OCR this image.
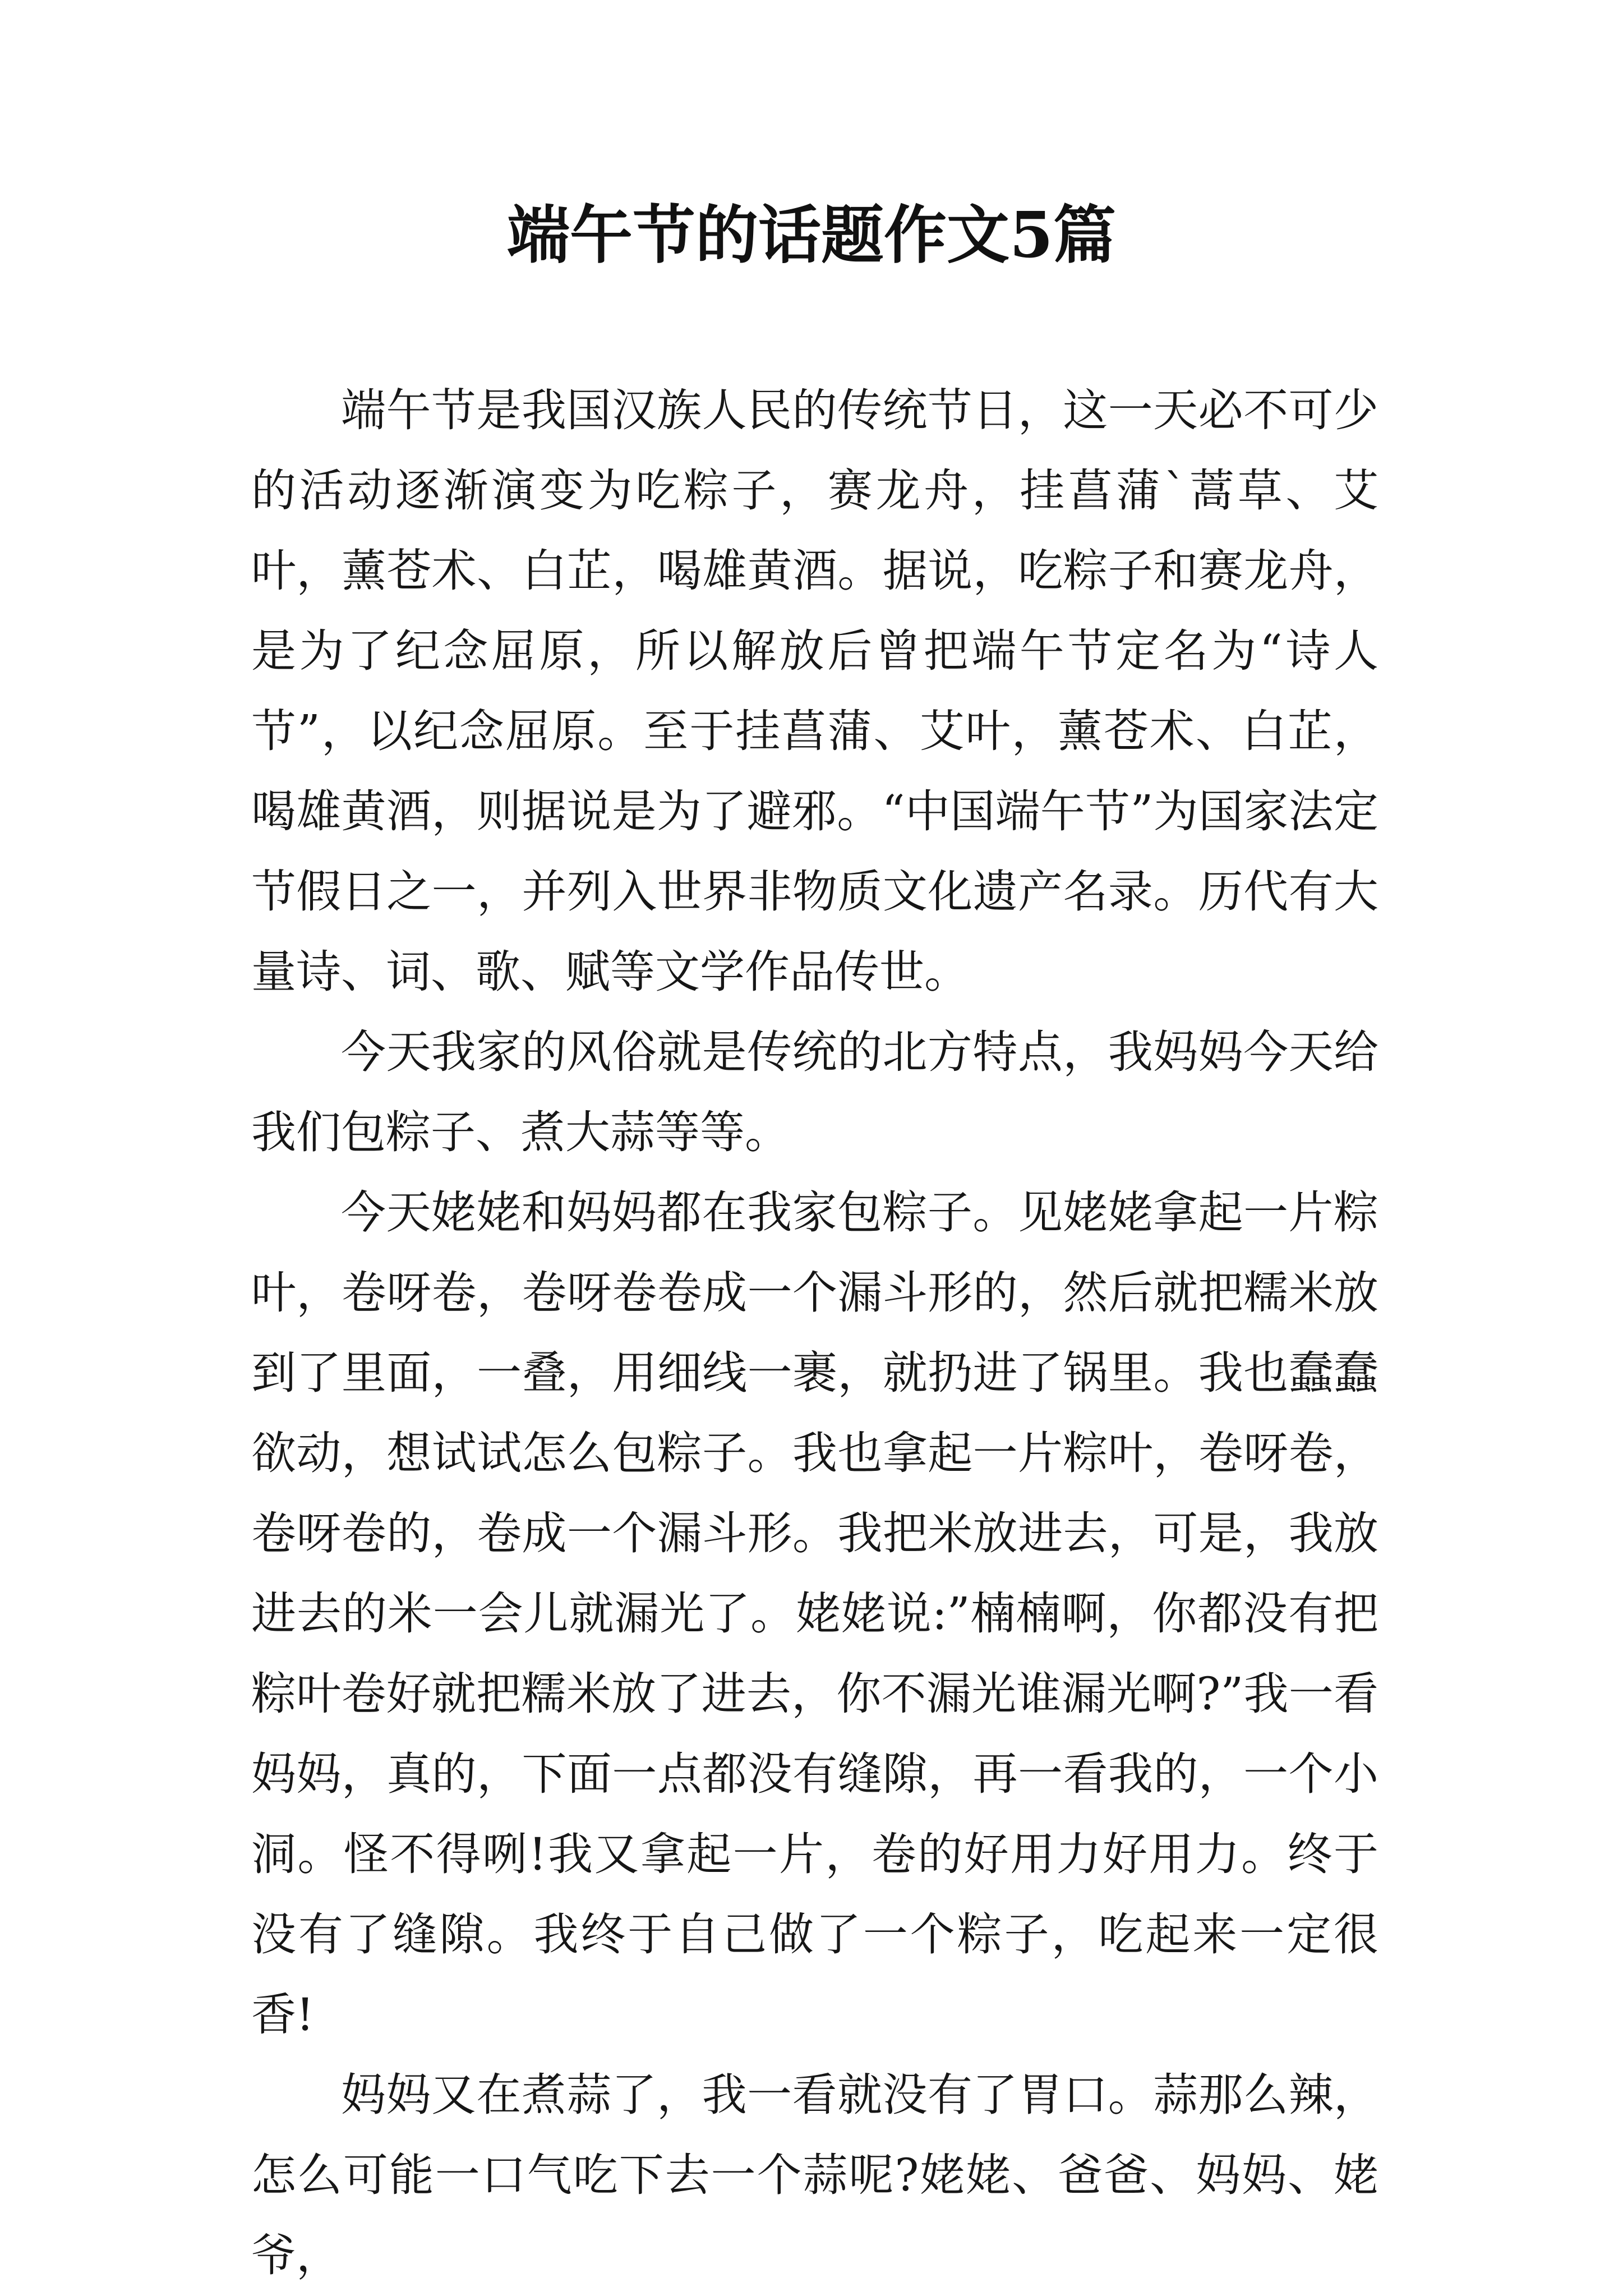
端午节的话题作文5篇

端午节是我国汉族人民的传统节日，这一天必不可少的活动逐渐演变为吃粽子，赛龙舟，挂菖蒲`蒿草、艾叶，薰苍术、白芷，喝雄黄酒。据说，吃粽子和赛龙舟，是为了纪念屈原，所以解放后曾把端午节定名为“诗人节”，以纪念屈原。至于挂菖蒲、艾叶，薰苍术、白芷，喝雄黄酒，则据说是为了避邪。“中国端午节”为国家法定节假日之一，并列入世界非物质文化遗产名录。历代有大量诗、词、歌、赋等文学作品传世。

今天我家的风俗就是传统的北方特点，我妈妈今天给我们包粽子、煮大蒜等等。

今天姥姥和妈妈都在我家包粽子。见姥姥拿起一片粽叶，卷呀卷，卷呀卷卷成一个漏斗形的，然后就把糯米放到了里面，一叠，用细线一裹，就扔进了锅里。我也蠢蠢欲动，想试试怎么包粽子。我也拿起一片粽叶，卷呀卷，卷呀卷的，卷成一个漏斗形。我把米放进去，可是，我放进去的米一会儿就漏光了。姥姥说:”楠楠啊，你都没有把粽叶卷好就把糯米放了进去，你不漏光谁漏光啊?”我一看妈妈，真的，下面一点都没有缝隙，再一看我的，一个小洞。怪不得咧!我又拿起一片，卷的好用力好用力。终于没有了缝隙。我终于自己做了一个粽子，吃起来一定很香!

妈妈又在煮蒜了，我一看就没有了胃口。蒜那么辣，怎么可能一口气吃下去一个蒜呢?姥姥、爸爸、妈妈、姥爷，
